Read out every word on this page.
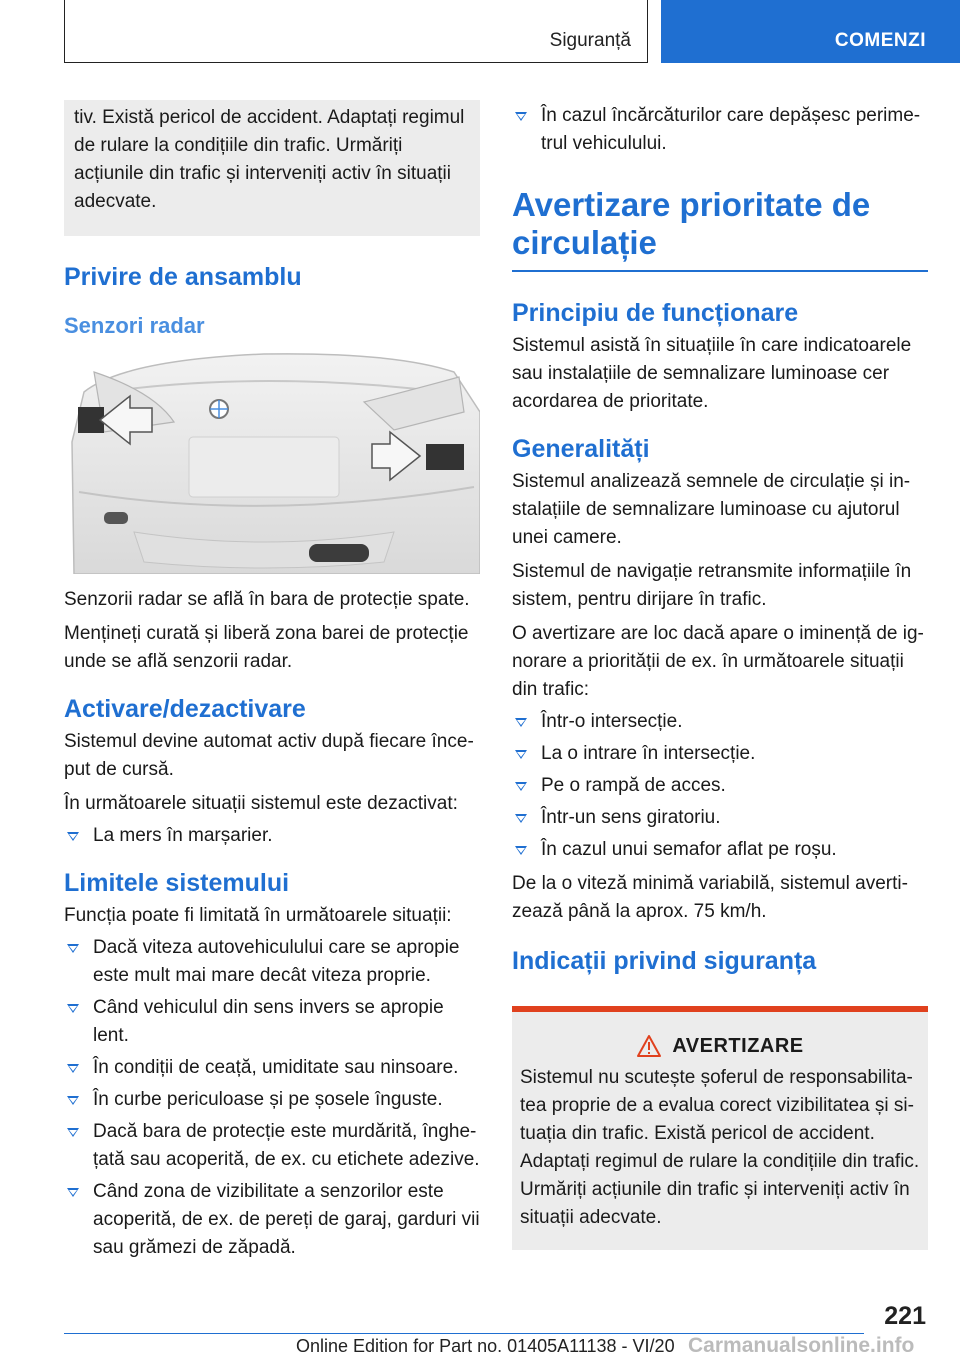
Siguranță	COMENZI

tiv. Există pericol de accident. Adaptați regimul de rulare la condițiile din trafic. Urmăriți acțiunile din trafic și interveniți activ în situații adecvate.

Privire de ansamblu
Senzori radar

Senzorii radar se află în bara de protecție spate.

Mențineți curată și liberă zona barei de protecție unde se află senzorii radar.

Activare/dezactivare

Sistemul devine automat activ după fiecare înce-put de cursă.

În următoarele situații sistemul este dezactivat:

La mers în marșarier.
Limitele sistemului

Funcția poate fi limitată în următoarele situații:

Dacă viteza autovehiculului care se apropie este mult mai mare decât viteza proprie.
Când vehiculul din sens invers se apropie lent.
În condiții de ceață, umiditate sau ninsoare.
În curbe periculoase și pe șosele înguste.
Dacă bara de protecție este murdărită, înghe-țată sau acoperită, de ex. cu etichete adezive.
Când zona de vizibilitate a senzorilor este acoperită, de ex. de pereți de garaj, garduri vii sau grămezi de zăpadă.
În cazul încărcăturilor care depășesc perime-trul vehiculului.
Avertizare prioritate de circulație
Principiu de funcționare

Sistemul asistă în situațiile în care indicatoarele sau instalațiile de semnalizare luminoase cer acordarea de prioritate.

Generalități

Sistemul analizează semnele de circulație și in-stalațiile de semnalizare luminoase cu ajutorul unei camere.

Sistemul de navigație retransmite informațiile în sistem, pentru dirijare în trafic.

O avertizare are loc dacă apare o iminență de ig-norare a priorității de ex. în următoarele situații din trafic:

Într-o intersecție.
La o intrare în intersecție.
Pe o rampă de acces.
Într-un sens giratoriu.
În cazul unui semafor aflat pe roșu.

De la o viteză minimă variabilă, sistemul averti-zează până la aprox. 75 km/h.

Indicații privind siguranța
AVERTIZARE

Sistemul nu scutește șoferul de responsabilita-tea proprie de a evalua corect vizibilitatea și si-tuația din trafic. Există pericol de accident. Adaptați regimul de rulare la condițiile din trafic. Urmăriți acțiunile din trafic și interveniți activ în situații adecvate.

221
Online Edition for Part no. 01405A11138 - VI/20 Carmanualsonline.info
